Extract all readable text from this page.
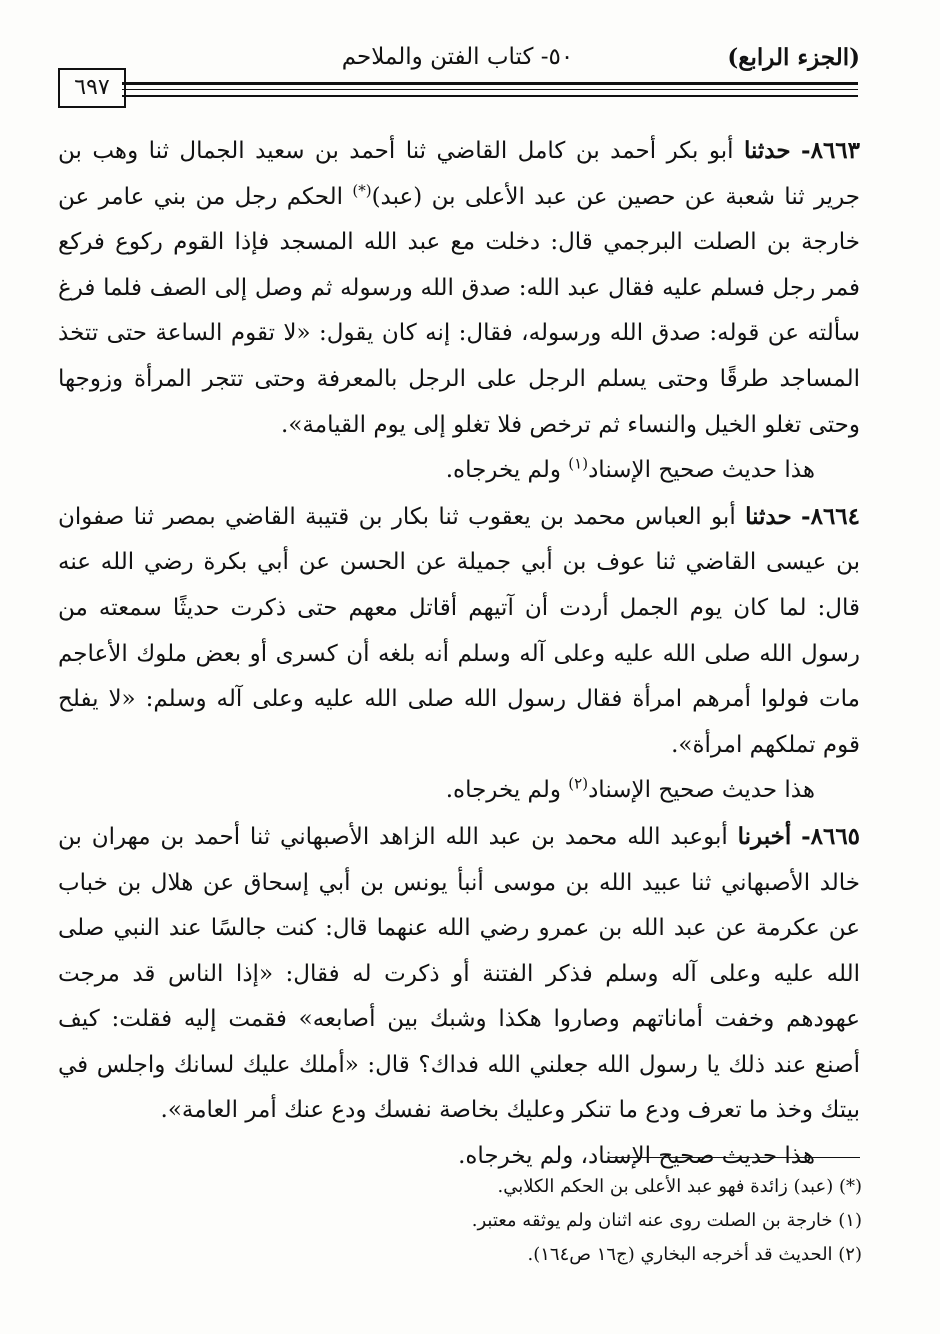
(الجزء الرابع)
٥٠- كتاب الفتن والملاحم
٦٩٧

٨٦٦٣- حدثنا أبو بكر أحمد بن كامل القاضي ثنا أحمد بن سعيد الجمال ثنا وهب بن جرير ثنا شعبة عن حصين عن عبد الأعلى بن (عبد)(*) الحكم رجل من بني عامر عن خارجة بن الصلت البرجمي قال: دخلت مع عبد الله المسجد فإذا القوم ركوع فركع فمر رجل فسلم عليه فقال عبد الله: صدق الله ورسوله ثم وصل إلى الصف فلما فرغ سألته عن قوله: صدق الله ورسوله، فقال: إنه كان يقول: «لا تقوم الساعة حتى تتخذ المساجد طرقًا وحتى يسلم الرجل على الرجل بالمعرفة وحتى تتجر المرأة وزوجها وحتى تغلو الخيل والنساء ثم ترخص فلا تغلو إلى يوم القيامة».

هذا حديث صحيح الإسناد$^{(١)}$ ولم يخرجاه.

٨٦٦٤- حدثنا أبو العباس محمد بن يعقوب ثنا بكار بن قتيبة القاضي بمصر ثنا صفوان بن عيسى القاضي ثنا عوف بن أبي جميلة عن الحسن عن أبي بكرة رضي الله عنه قال: لما كان يوم الجمل أردت أن آتيهم أقاتل معهم حتى ذكرت حديثًا سمعته من رسول الله صلى الله عليه وعلى آله وسلم أنه بلغه أن كسرى أو بعض ملوك الأعاجم مات فولوا أمرهم امرأة فقال رسول الله صلى الله عليه وعلى آله وسلم: «لا يفلح قوم تملكهم امرأة».

هذا حديث صحيح الإسناد$^{(٢)}$ ولم يخرجاه.

٨٦٦٥- أخبرنا أبوعبد الله محمد بن عبد الله الزاهد الأصبهاني ثنا أحمد بن مهران بن خالد الأصبهاني ثنا عبيد الله بن موسى أنبأ يونس بن أبي إسحاق عن هلال بن خباب عن عكرمة عن عبد الله بن عمرو رضي الله عنهما قال: كنت جالسًا عند النبي صلى الله عليه وعلى آله وسلم فذكر الفتنة أو ذكرت له فقال: «إذا الناس قد مرجت عهودهم وخفت أماناتهم وصاروا هكذا وشبك بين أصابعه» فقمت إليه فقلت: كيف أصنع عند ذلك يا رسول الله جعلني الله فداك؟ قال: «أملك عليك لسانك واجلس في بيتك وخذ ما تعرف ودع ما تنكر وعليك بخاصة نفسك ودع عنك أمر العامة».

هذا حديث صحيح الإسناد، ولم يخرجاه.

(*) (عبد) زائدة فهو عبد الأعلى بن الحكم الكلابي.

(١) خارجة بن الصلت روى عنه اثنان ولم يوثقه معتبر.

(٢) الحديث قد أخرجه البخاري (ج١٦ ص١٦٤).
